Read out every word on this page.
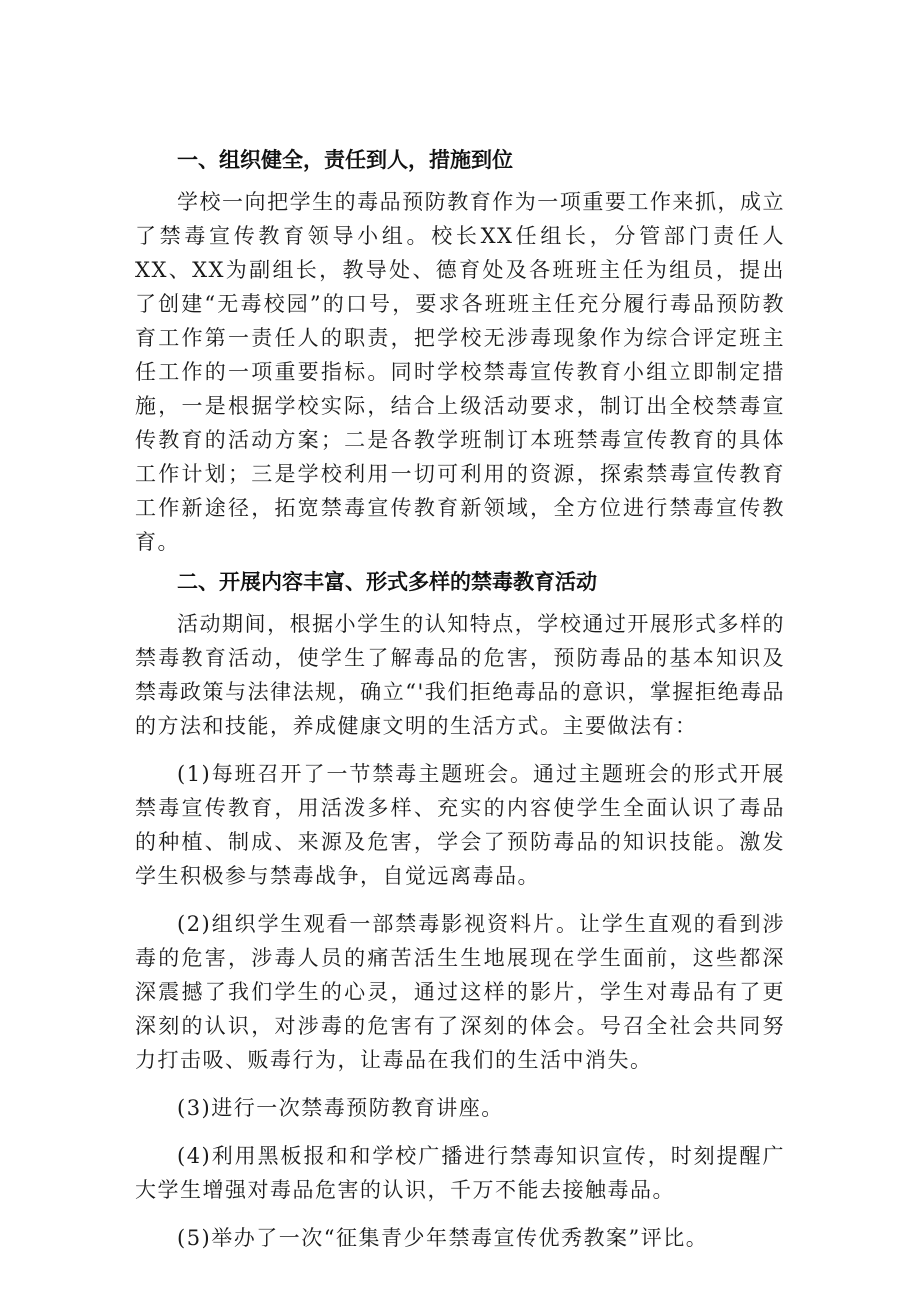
一、组织健全，责任到人，措施到位

学校一向把学生的毒品预防教育作为一项重要工作来抓，成立了禁毒宣传教育领导小组。校长XX任组长，分管部门责任人XX、XX为副组长，教导处、德育处及各班班主任为组员，提出了创建“无毒校园”的口号，要求各班班主任充分履行毒品预防教育工作第一责任人的职责，把学校无涉毒现象作为综合评定班主任工作的一项重要指标。同时学校禁毒宣传教育小组立即制定措施，一是根据学校实际，结合上级活动要求，制订出全校禁毒宣传教育的活动方案；二是各教学班制订本班禁毒宣传教育的具体工作计划；三是学校利用一切可利用的资源，探索禁毒宣传教育工作新途径，拓宽禁毒宣传教育新领域，全方位进行禁毒宣传教育。

二、开展内容丰富、形式多样的禁毒教育活动

活动期间，根据小学生的认知特点，学校通过开展形式多样的禁毒教育活动，使学生了解毒品的危害，预防毒品的基本知识及禁毒政策与法律法规，确立“'我们拒绝毒品的意识，掌握拒绝毒品的方法和技能，养成健康文明的生活方式。主要做法有：

(1)每班召开了一节禁毒主题班会。通过主题班会的形式开展禁毒宣传教育，用活泼多样、充实的内容使学生全面认识了毒品的种植、制成、来源及危害，学会了预防毒品的知识技能。激发学生积极参与禁毒战争，自觉远离毒品。

(2)组织学生观看一部禁毒影视资料片。让学生直观的看到涉毒的危害，涉毒人员的痛苦活生生地展现在学生面前，这些都深深震撼了我们学生的心灵，通过这样的影片，学生对毒品有了更深刻的认识，对涉毒的危害有了深刻的体会。号召全社会共同努力打击吸、贩毒行为，让毒品在我们的生活中消失。

(3)进行一次禁毒预防教育讲座。

(4)利用黑板报和和学校广播进行禁毒知识宣传，时刻提醒广大学生增强对毒品危害的认识，千万不能去接触毒品。

(5)举办了一次“征集青少年禁毒宣传优秀教案”评比。
